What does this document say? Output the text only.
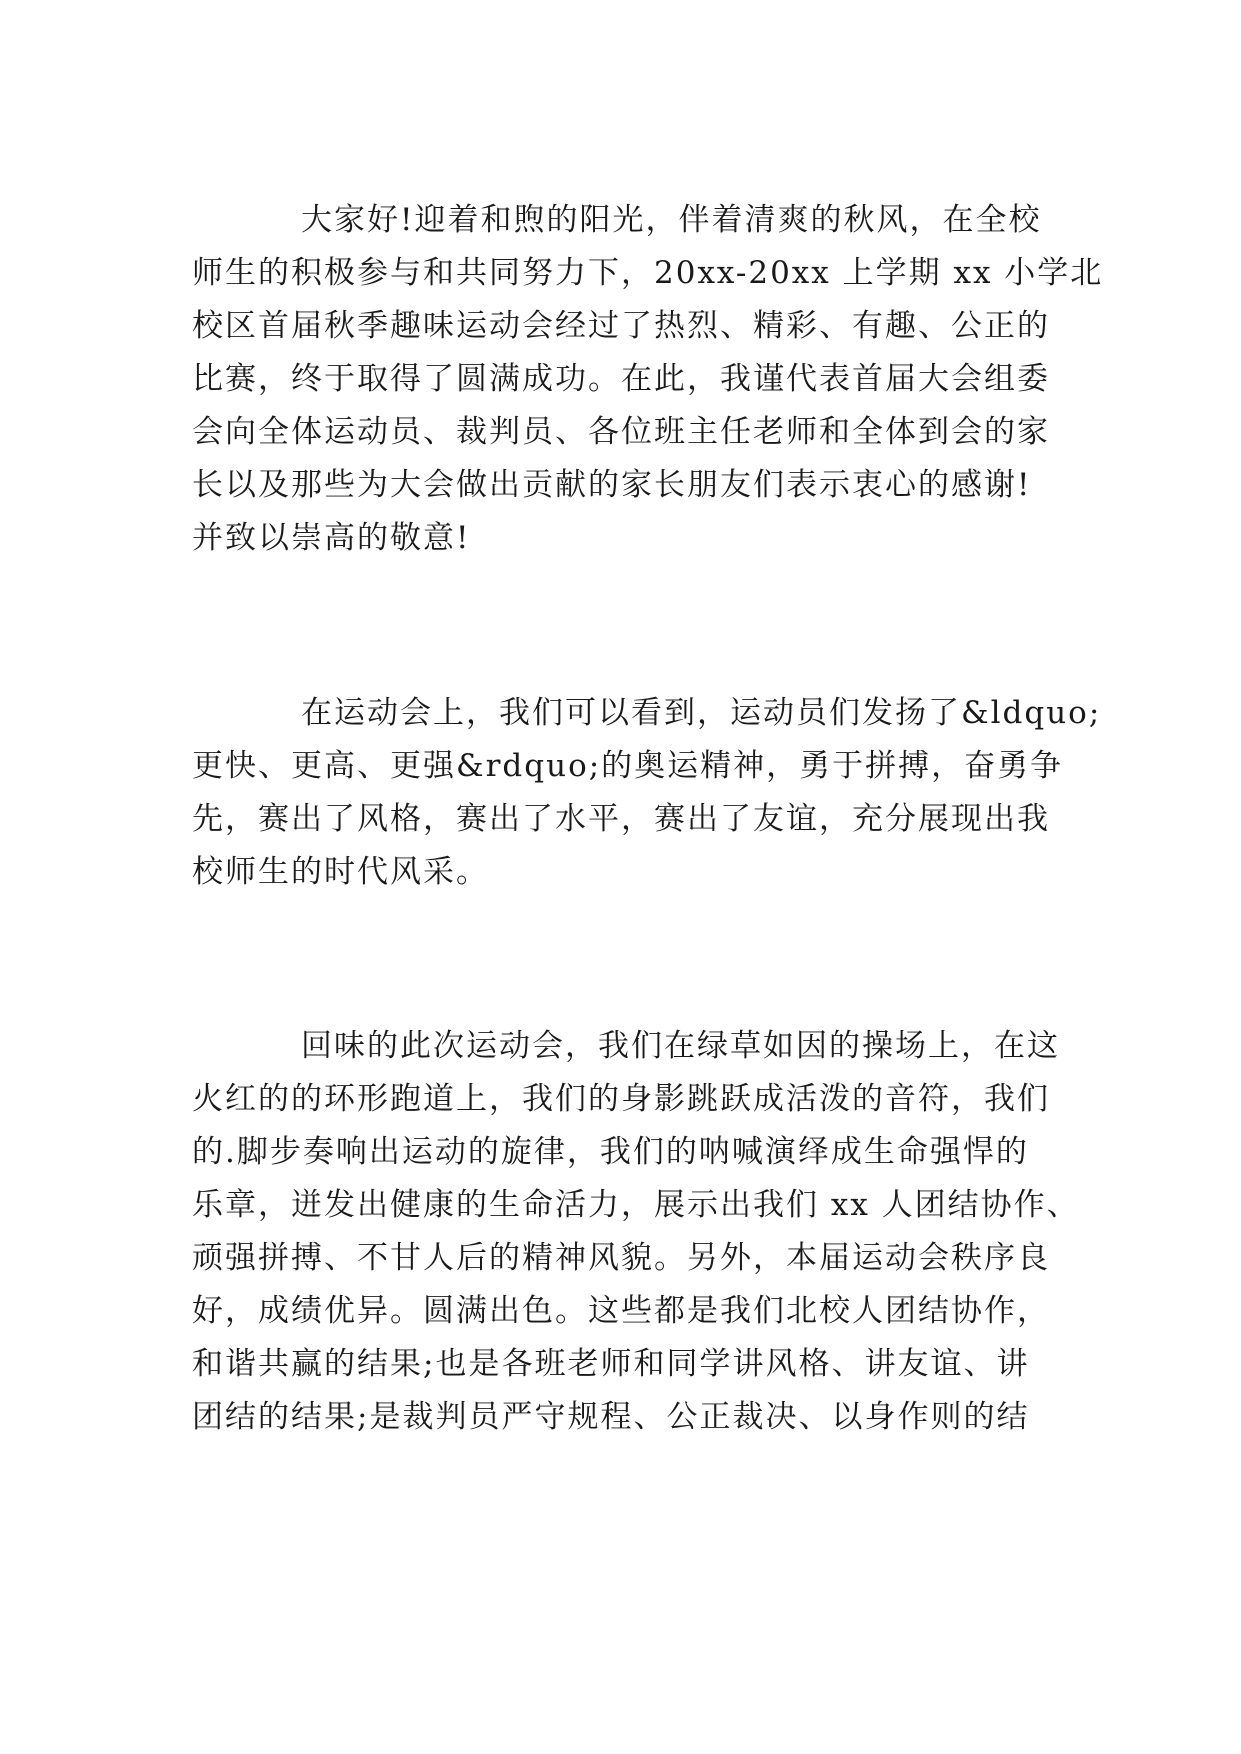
大家好!迎着和煦的阳光，伴着清爽的秋风，在全校
师生的积极参与和共同努力下，20xx-20xx 上学期 xx 小学北
校区首届秋季趣味运动会经过了热烈、精彩、有趣、公正的
比赛，终于取得了圆满成功。在此，我谨代表首届大会组委
会向全体运动员、裁判员、各位班主任老师和全体到会的家
长以及那些为大会做出贡献的家长朋友们表示衷心的感谢!
并致以崇高的敬意!
在运动会上，我们可以看到，运动员们发扬了&ldquo;
更快、更高、更强&rdquo;的奥运精神，勇于拼搏，奋勇争
先，赛出了风格，赛出了水平，赛出了友谊，充分展现出我
校师生的时代风采。
回味的此次运动会，我们在绿草如因的操场上，在这
火红的的环形跑道上，我们的身影跳跃成活泼的音符，我们
的.脚步奏响出运动的旋律，我们的呐喊演绎成生命强悍的
乐章，迸发出健康的生命活力，展示出我们 xx 人团结协作、
顽强拼搏、不甘人后的精神风貌。另外，本届运动会秩序良
好，成绩优异。圆满出色。这些都是我们北校人团结协作，
和谐共赢的结果;也是各班老师和同学讲风格、讲友谊、讲
团结的结果;是裁判员严守规程、公正裁决、以身作则的结
